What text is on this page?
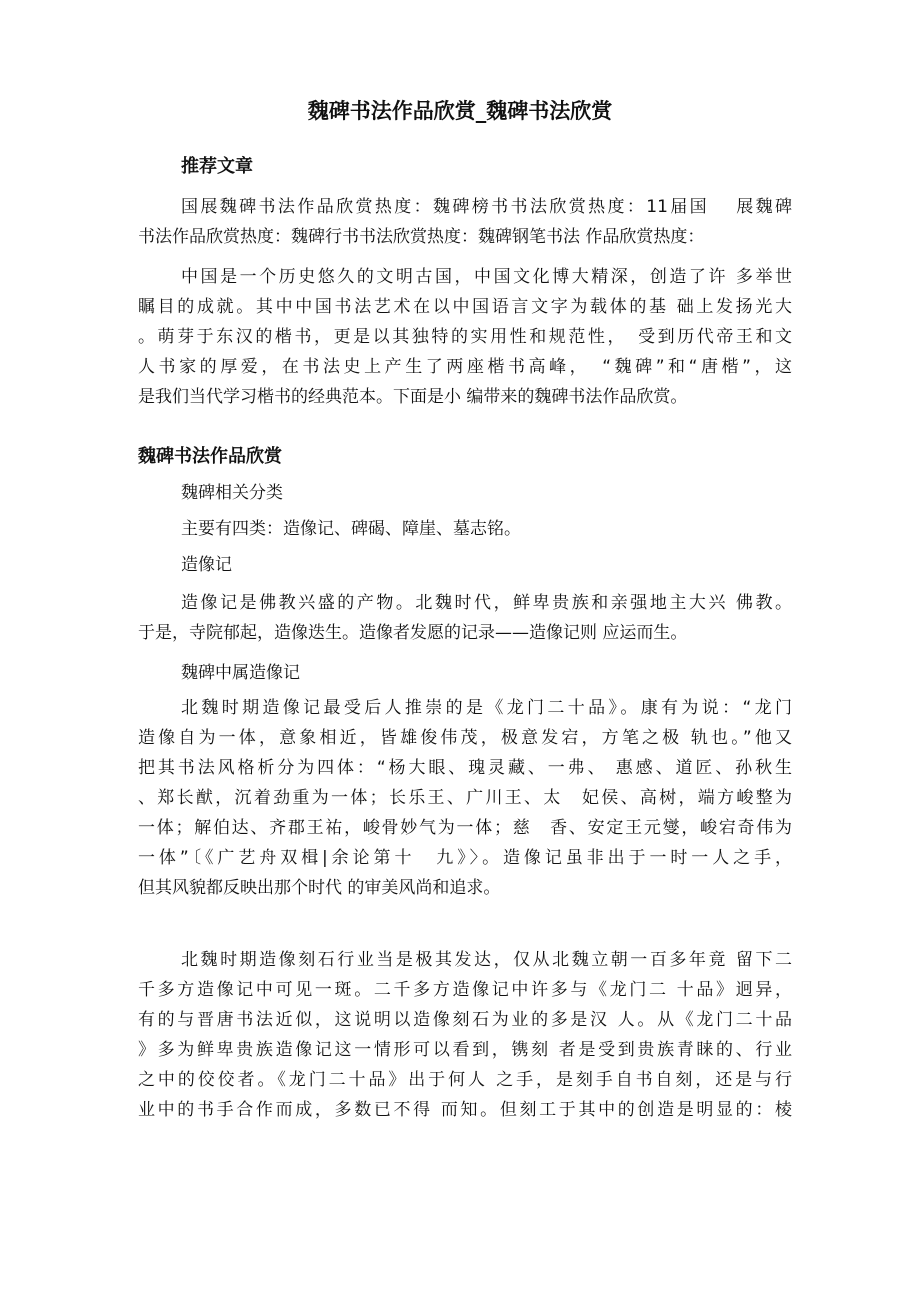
魏碑书法作品欣赏_魏碑书法欣赏
推荐文章
国展魏碑书法作品欣赏热度：魏碑榜书书法欣赏热度：11届国　 展魏碑
书法作品欣赏热度：魏碑行书书法欣赏热度：魏碑钢笔书法 作品欣赏热度：
中国是一个历史悠久的文明古国，中国文化博大精深，创造了许 多举世
瞩目的成就。其中中国书法艺术在以中国语言文字为载体的基 础上发扬光大
。萌芽于东汉的楷书，更是以其独特的实用性和规范性，　受到历代帝王和文
人书家的厚爱，在书法史上产生了两座楷书高峰，　“魏碑”和“唐楷”，这
是我们当代学习楷书的经典范本。下面是小 编带来的魏碑书法作品欣赏。
魏碑书法作品欣赏
魏碑相关分类
主要有四类：造像记、碑碣、障崖、墓志铭。
造像记
造像记是佛教兴盛的产物。北魏时代，鲜卑贵族和亲强地主大兴 佛教。
于是，寺院郁起，造像迭生。造像者发愿的记录——造像记则 应运而生。
魏碑中属造像记
北魏时期造像记最受后人推崇的是《龙门二十品》。康有为说：“龙门
造像自为一体，意象相近，皆雄俊伟茂，极意发宕，方笔之极 轨也。”他又
把其书法风格析分为四体：“杨大眼、瑰灵藏、一弗、 惠感、道匠、孙秋生
、郑长猷，沉着劲重为一体；长乐王、广川王、太　妃侯、高树，端方峻整为
一体；解伯达、齐郡王祐，峻骨妙气为一体；慈　香、安定王元燮，峻宕奇伟为
一体”〔《广艺舟双楫|余论第十　九》〉。造像记虽非出于一时一人之手，
但其风貌都反映出那个时代 的审美风尚和追求。
北魏时期造像刻石行业当是极其发达，仅从北魏立朝一百多年竟 留下二
千多方造像记中可见一斑。二千多方造像记中许多与《龙门二 十品》迥异，
有的与晋唐书法近似，这说明以造像刻石为业的多是汉 人。从《龙门二十品
》多为鲜卑贵族造像记这一情形可以看到，镌刻 者是受到贵族青睐的、行业
之中的佼佼者。《龙门二十品》出于何人 之手，是刻手自书自刻，还是与行
业中的书手合作而成，多数已不得 而知。但刻工于其中的创造是明显的：棱
